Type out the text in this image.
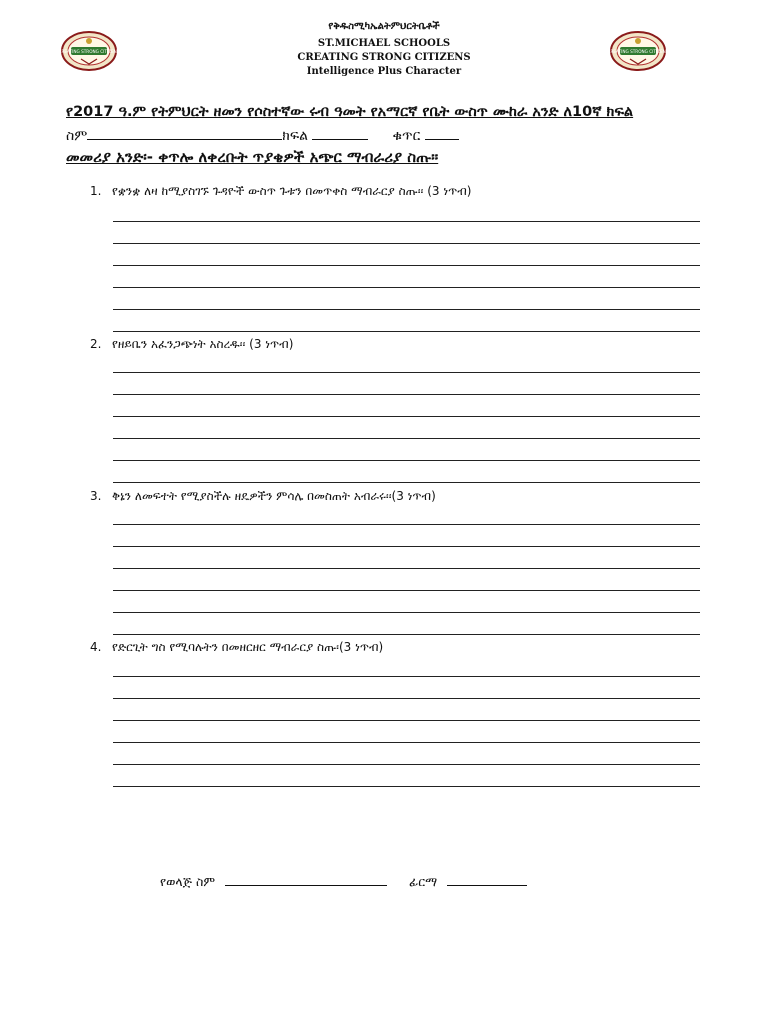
CREATING STRONG CITIZENS	CREATING STRONG CITIZENS
የቅዱስሚካኤልትምህርትቤቶች
ST.MICHAEL SCHOOLS
CREATING STRONG CITIZENS
Intelligence Plus Character
የ2017 ዓ.ም የትምህርት ዘመን የሶስተኛው ሩብ ዓመት የአማርኛ የቤት ውስጥ ሙከራ አንድ ለ10ኛ ክፍል
ስም	ክፍል	ቁጥር
መመሪያ አንድ፡- ቀጥሎ ለቀረቡት ጥያቄዎች አጭር ማብራሪያ ስጡ።
1. የቋንቋ ለዛ ከሚያስገኙ ጉዳዮች ውስጥ ጉቱን በመጥቀስ ማብራርያ ስጡ፡፡ (3 ነጥብ)
2. የዘይቤን አፈንጋጭነት አስረዱ፡፡ (3 ነጥብ)
3. ቅኔን ለመፍተት የሚያስችሉ ዘዴዎችን ምሳሌ በመስጠት አብራሩ፡፡(3 ነጥብ)
4. የድርጊት ግስ የሚባሉትን በመዘርዘር ማብራርያ ስጡ፡(3 ነጥብ)
የወላጅ ስም	ፊርማ
